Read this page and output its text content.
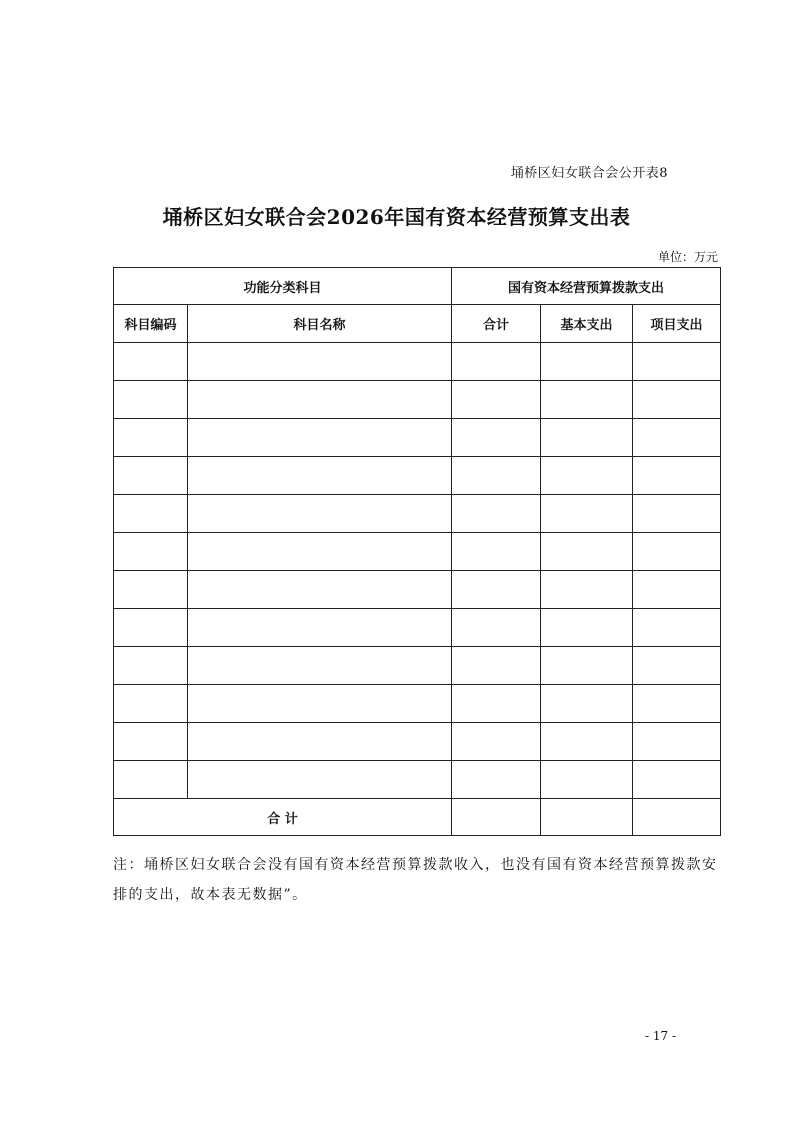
埇桥区妇女联合会公开表8
埇桥区妇女联合会2026年国有资本经营预算支出表
单位：万元
功能分类科目		国有资本经营预算拨款支出		
科目编码	科目名称	合计	基本支出	项目支出

合 计				
注：埇桥区妇女联合会没有国有资本经营预算拨款收入，也没有国有资本经营预算拨款安排的支出，故本表无数据”。
- 17 -
